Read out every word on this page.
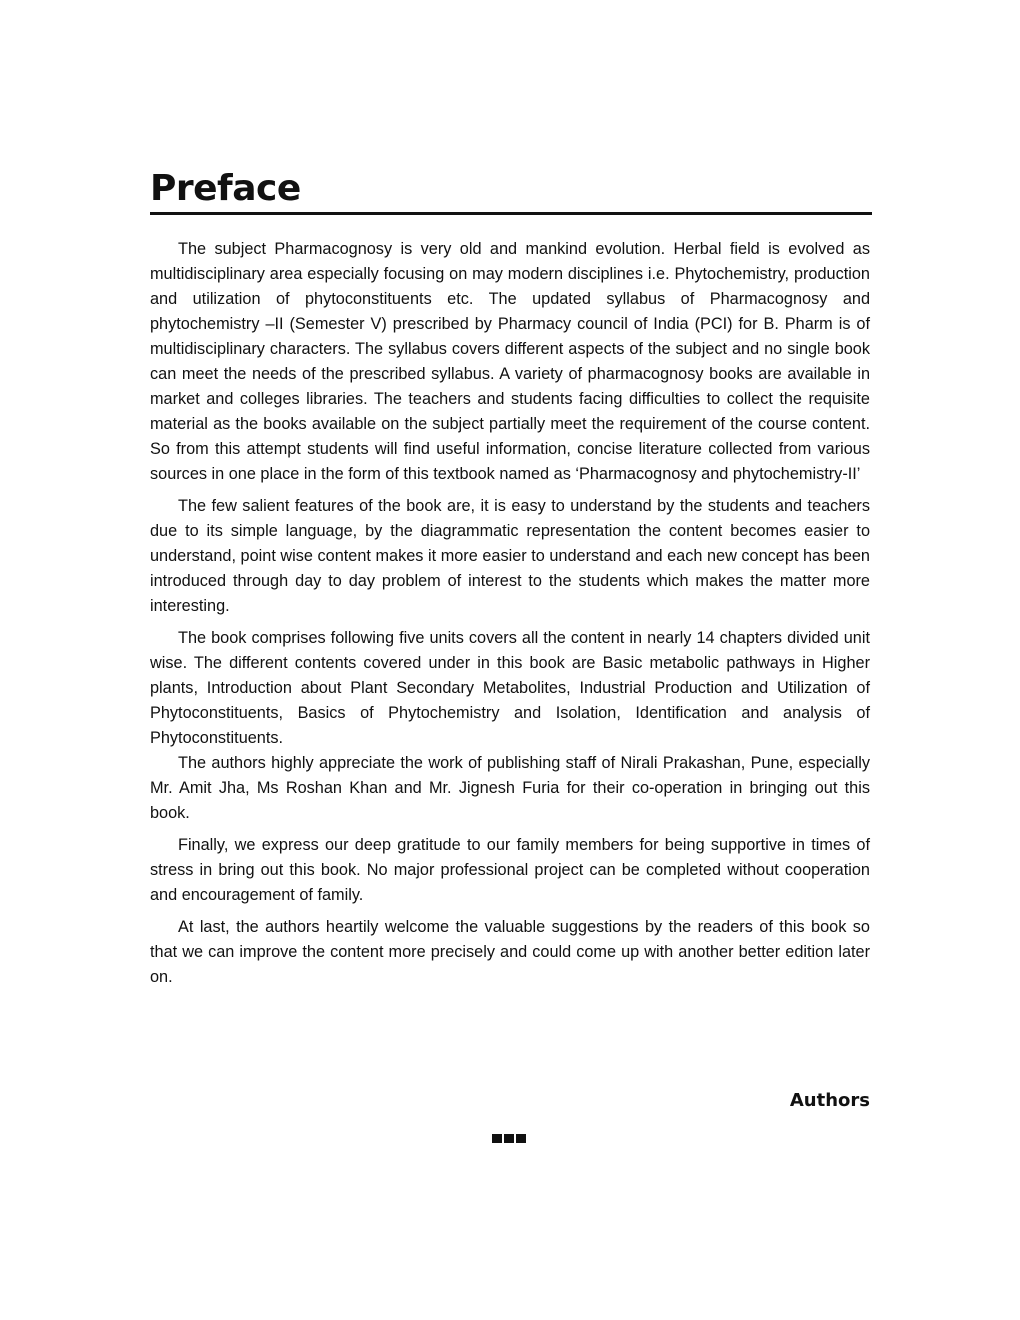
Preface

The subject Pharmacognosy is very old and mankind evolution. Herbal field is evolved as multidisciplinary area especially focusing on may modern disciplines i.e. Phytochemistry, production and utilization of phytoconstituents etc. The updated syllabus of Pharmacognosy and phytochemistry –II (Semester V) prescribed by Pharmacy council of India (PCI) for B. Pharm is of multidisciplinary characters. The syllabus covers different aspects of the subject and no single book can meet the needs of the prescribed syllabus. A variety of pharmacognosy books are available in market and colleges libraries. The teachers and students facing difficulties to collect the requisite material as the books available on the subject partially meet the requirement of the course content. So from this attempt students will find useful information, concise literature collected from various sources in one place in the form of this textbook named as ‘Pharmacognosy and phytochemistry-II’

The few salient features of the book are, it is easy to understand by the students and teachers due to its simple language, by the diagrammatic representation the content becomes easier to understand, point wise content makes it more easier to understand and each new concept has been introduced through day to day problem of interest to the students which makes the matter more interesting.

The book comprises following five units covers all the content in nearly 14 chapters divided unit wise. The different contents covered under in this book are Basic metabolic pathways in Higher plants, Introduction about Plant Secondary Metabolites, Industrial Production and Utilization of Phytoconstituents, Basics of Phytochemistry and Isolation, Identification and analysis of Phytoconstituents.

The authors highly appreciate the work of publishing staff of Nirali Prakashan, Pune, especially Mr. Amit Jha, Ms Roshan Khan and Mr. Jignesh Furia for their co-operation in bringing out this book.

Finally, we express our deep gratitude to our family members for being supportive in times of stress in bring out this book. No major professional project can be completed without cooperation and encouragement of family.

At last, the authors heartily welcome the valuable suggestions by the readers of this book so that we can improve the content more precisely and could come up with another better edition later on.

Authors
